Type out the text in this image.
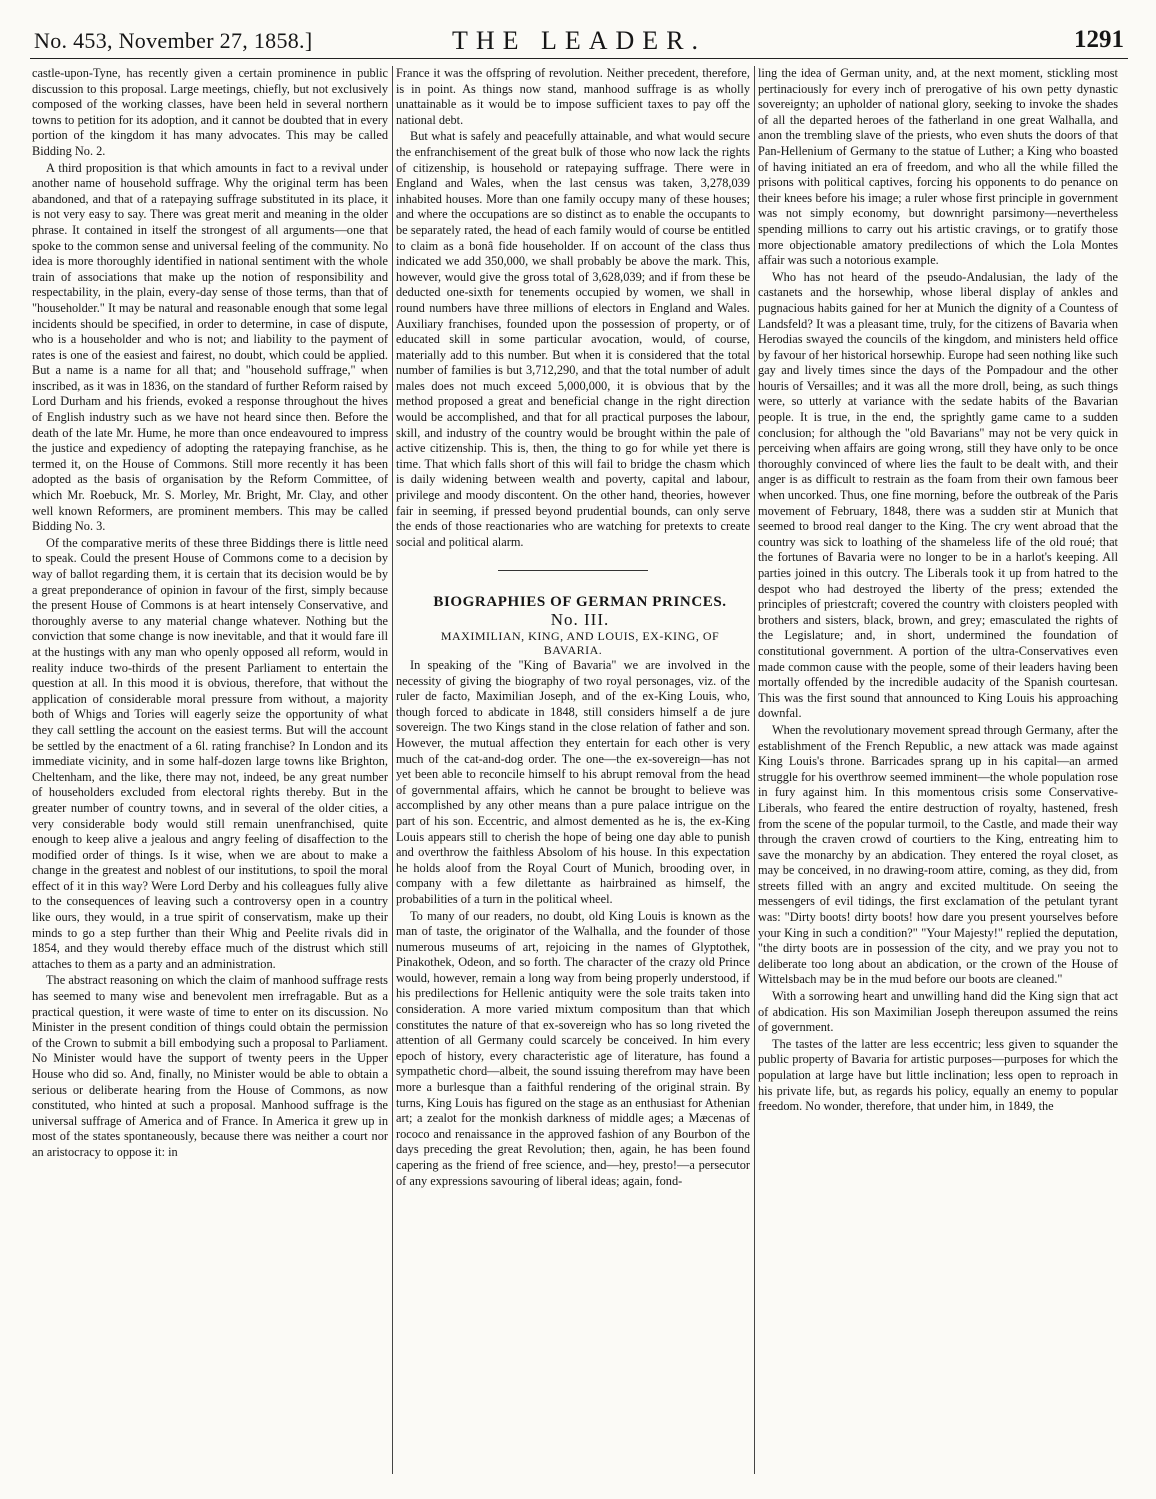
No. 453, November 27, 1858.]	THE LEADER.	1291

castle-upon-Tyne, has recently given a certain prominence in public discussion to this proposal. Large meetings, chiefly, but not exclusively composed of the working classes, have been held in several northern towns to petition for its adoption, and it cannot be doubted that in every portion of the kingdom it has many advocates. This may be called Bidding No. 2.

A third proposition is that which amounts in fact to a revival under another name of household suffrage. Why the original term has been abandoned, and that of a ratepaying suffrage substituted in its place, it is not very easy to say. There was great merit and meaning in the older phrase. It contained in itself the strongest of all arguments—one that spoke to the common sense and universal feeling of the community. No idea is more thoroughly identified in national sentiment with the whole train of associations that make up the notion of responsibility and respectability, in the plain, every-day sense of those terms, than that of "householder." It may be natural and reasonable enough that some legal incidents should be specified, in order to determine, in case of dispute, who is a householder and who is not; and liability to the payment of rates is one of the easiest and fairest, no doubt, which could be applied. But a name is a name for all that; and "household suffrage," when inscribed, as it was in 1836, on the standard of further Reform raised by Lord Durham and his friends, evoked a response throughout the hives of English industry such as we have not heard since then. Before the death of the late Mr. Hume, he more than once endeavoured to impress the justice and expediency of adopting the ratepaying franchise, as he termed it, on the House of Commons. Still more recently it has been adopted as the basis of organisation by the Reform Committee, of which Mr. Roebuck, Mr. S. Morley, Mr. Bright, Mr. Clay, and other well known Reformers, are prominent members. This may be called Bidding No. 3.

Of the comparative merits of these three Biddings there is little need to speak. Could the present House of Commons come to a decision by way of ballot regarding them, it is certain that its decision would be by a great preponderance of opinion in favour of the first, simply because the present House of Commons is at heart intensely Conservative, and thoroughly averse to any material change whatever. Nothing but the conviction that some change is now inevitable, and that it would fare ill at the hustings with any man who openly opposed all reform, would in reality induce two-thirds of the present Parliament to entertain the question at all. In this mood it is obvious, therefore, that without the application of considerable moral pressure from without, a majority both of Whigs and Tories will eagerly seize the opportunity of what they call settling the account on the easiest terms. But will the account be settled by the enactment of a 6l. rating franchise? In London and its immediate vicinity, and in some half-dozen large towns like Brighton, Cheltenham, and the like, there may not, indeed, be any great number of householders excluded from electoral rights thereby. But in the greater number of country towns, and in several of the older cities, a very considerable body would still remain unenfranchised, quite enough to keep alive a jealous and angry feeling of disaffection to the modified order of things. Is it wise, when we are about to make a change in the greatest and noblest of our institutions, to spoil the moral effect of it in this way? Were Lord Derby and his colleagues fully alive to the consequences of leaving such a controversy open in a country like ours, they would, in a true spirit of conservatism, make up their minds to go a step further than their Whig and Peelite rivals did in 1854, and they would thereby efface much of the distrust which still attaches to them as a party and an administration.

The abstract reasoning on which the claim of manhood suffrage rests has seemed to many wise and benevolent men irrefragable. But as a practical question, it were waste of time to enter on its discussion. No Minister in the present condition of things could obtain the permission of the Crown to submit a bill embodying such a proposal to Parliament. No Minister would have the support of twenty peers in the Upper House who did so. And, finally, no Minister would be able to obtain a serious or deliberate hearing from the House of Commons, as now constituted, who hinted at such a proposal. Manhood suffrage is the universal suffrage of America and of France. In America it grew up in most of the states spontaneously, because there was neither a court nor an aristocracy to oppose it: in

France it was the offspring of revolution. Neither precedent, therefore, is in point. As things now stand, manhood suffrage is as wholly unattainable as it would be to impose sufficient taxes to pay off the national debt.

But what is safely and peacefully attainable, and what would secure the enfranchisement of the great bulk of those who now lack the rights of citizenship, is household or ratepaying suffrage. There were in England and Wales, when the last census was taken, 3,278,039 inhabited houses. More than one family occupy many of these houses; and where the occupations are so distinct as to enable the occupants to be separately rated, the head of each family would of course be entitled to claim as a bonâ fide householder. If on account of the class thus indicated we add 350,000, we shall probably be above the mark. This, however, would give the gross total of 3,628,039; and if from these be deducted one-sixth for tenements occupied by women, we shall in round numbers have three millions of electors in England and Wales. Auxiliary franchises, founded upon the possession of property, or of educated skill in some particular avocation, would, of course, materially add to this number. But when it is considered that the total number of families is but 3,712,290, and that the total number of adult males does not much exceed 5,000,000, it is obvious that by the method proposed a great and beneficial change in the right direction would be accomplished, and that for all practical purposes the labour, skill, and industry of the country would be brought within the pale of active citizenship. This is, then, the thing to go for while yet there is time. That which falls short of this will fail to bridge the chasm which is daily widening between wealth and poverty, capital and labour, privilege and moody discontent. On the other hand, theories, however fair in seeming, if pressed beyond prudential bounds, can only serve the ends of those reactionaries who are watching for pretexts to create social and political alarm.

BIOGRAPHIES OF GERMAN PRINCES.

No. III.

MAXIMILIAN, KING, AND LOUIS, EX-KING, OF BAVARIA.

In speaking of the "King of Bavaria" we are involved in the necessity of giving the biography of two royal personages, viz. of the ruler de facto, Maximilian Joseph, and of the ex-King Louis, who, though forced to abdicate in 1848, still considers himself a de jure sovereign. The two Kings stand in the close relation of father and son. However, the mutual affection they entertain for each other is very much of the cat-and-dog order. The one—the ex-sovereign—has not yet been able to reconcile himself to his abrupt removal from the head of governmental affairs, which he cannot be brought to believe was accomplished by any other means than a pure palace intrigue on the part of his son. Eccentric, and almost demented as he is, the ex-King Louis appears still to cherish the hope of being one day able to punish and overthrow the faithless Absolom of his house. In this expectation he holds aloof from the Royal Court of Munich, brooding over, in company with a few dilettante as hairbrained as himself, the probabilities of a turn in the political wheel.

To many of our readers, no doubt, old King Louis is known as the man of taste, the originator of the Walhalla, and the founder of those numerous museums of art, rejoicing in the names of Glyptothek, Pinakothek, Odeon, and so forth. The character of the crazy old Prince would, however, remain a long way from being properly understood, if his predilections for Hellenic antiquity were the sole traits taken into consideration. A more varied mixtum compositum than that which constitutes the nature of that ex-sovereign who has so long riveted the attention of all Germany could scarcely be conceived. In him every epoch of history, every characteristic age of literature, has found a sympathetic chord—albeit, the sound issuing therefrom may have been more a burlesque than a faithful rendering of the original strain. By turns, King Louis has figured on the stage as an enthusiast for Athenian art; a zealot for the monkish darkness of middle ages; a Mæcenas of rococo and renaissance in the approved fashion of any Bourbon of the days preceding the great Revolution; then, again, he has been found capering as the friend of free science, and—hey, presto!—a persecutor of any expressions savouring of liberal ideas; again, fond-

ling the idea of German unity, and, at the next moment, stickling most pertinaciously for every inch of prerogative of his own petty dynastic sovereignty; an upholder of national glory, seeking to invoke the shades of all the departed heroes of the fatherland in one great Walhalla, and anon the trembling slave of the priests, who even shuts the doors of that Pan-Hellenium of Germany to the statue of Luther; a King who boasted of having initiated an era of freedom, and who all the while filled the prisons with political captives, forcing his opponents to do penance on their knees before his image; a ruler whose first principle in government was not simply economy, but downright parsimony—nevertheless spending millions to carry out his artistic cravings, or to gratify those more objectionable amatory predilections of which the Lola Montes affair was such a notorious example.

Who has not heard of the pseudo-Andalusian, the lady of the castanets and the horsewhip, whose liberal display of ankles and pugnacious habits gained for her at Munich the dignity of a Countess of Landsfeld? It was a pleasant time, truly, for the citizens of Bavaria when Herodias swayed the councils of the kingdom, and ministers held office by favour of her historical horsewhip. Europe had seen nothing like such gay and lively times since the days of the Pompadour and the other houris of Versailles; and it was all the more droll, being, as such things were, so utterly at variance with the sedate habits of the Bavarian people. It is true, in the end, the sprightly game came to a sudden conclusion; for although the "old Bavarians" may not be very quick in perceiving when affairs are going wrong, still they have only to be once thoroughly convinced of where lies the fault to be dealt with, and their anger is as difficult to restrain as the foam from their own famous beer when uncorked. Thus, one fine morning, before the outbreak of the Paris movement of February, 1848, there was a sudden stir at Munich that seemed to brood real danger to the King. The cry went abroad that the country was sick to loathing of the shameless life of the old roué; that the fortunes of Bavaria were no longer to be in a harlot's keeping. All parties joined in this outcry. The Liberals took it up from hatred to the despot who had destroyed the liberty of the press; extended the principles of priestcraft; covered the country with cloisters peopled with brothers and sisters, black, brown, and grey; emasculated the rights of the Legislature; and, in short, undermined the foundation of constitutional government. A portion of the ultra-Conservatives even made common cause with the people, some of their leaders having been mortally offended by the incredible audacity of the Spanish courtesan. This was the first sound that announced to King Louis his approaching downfal.

When the revolutionary movement spread through Germany, after the establishment of the French Republic, a new attack was made against King Louis's throne. Barricades sprang up in his capital—an armed struggle for his overthrow seemed imminent—the whole population rose in fury against him. In this momentous crisis some Conservative-Liberals, who feared the entire destruction of royalty, hastened, fresh from the scene of the popular turmoil, to the Castle, and made their way through the craven crowd of courtiers to the King, entreating him to save the monarchy by an abdication. They entered the royal closet, as may be conceived, in no drawing-room attire, coming, as they did, from streets filled with an angry and excited multitude. On seeing the messengers of evil tidings, the first exclamation of the petulant tyrant was: "Dirty boots! dirty boots! how dare you present yourselves before your King in such a condition?" "Your Majesty!" replied the deputation, "the dirty boots are in possession of the city, and we pray you not to deliberate too long about an abdication, or the crown of the House of Wittelsbach may be in the mud before our boots are cleaned."

With a sorrowing heart and unwilling hand did the King sign that act of abdication. His son Maximilian Joseph thereupon assumed the reins of government.

The tastes of the latter are less eccentric; less given to squander the public property of Bavaria for artistic purposes—purposes for which the population at large have but little inclination; less open to reproach in his private life, but, as regards his policy, equally an enemy to popular freedom. No wonder, therefore, that under him, in 1849, the
